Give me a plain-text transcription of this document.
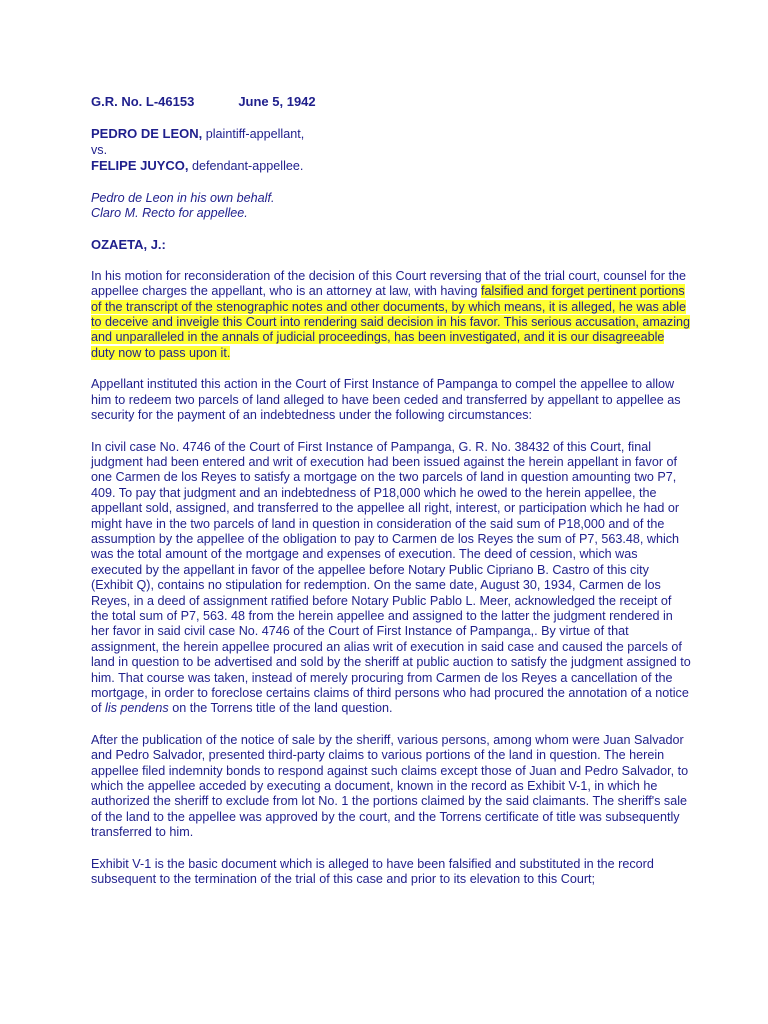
G.R. No. L-46153	June 5, 1942
PEDRO DE LEON, plaintiff-appellant,
vs.
FELIPE JUYCO, defendant-appellee.
Pedro de Leon in his own behalf.
Claro M. Recto for appellee.
OZAETA, J.:

In his motion for reconsideration of the decision of this Court reversing that of the trial court, counsel for the appellee charges the appellant, who is an attorney at law, with having falsified and forget pertinent portions of the transcript of the stenographic notes and other documents, by which means, it is alleged, he was able to deceive and inveigle this Court into rendering said decision in his favor. This serious accusation, amazing and unparalleled in the annals of judicial proceedings, has been investigated, and it is our disagreeable duty now to pass upon it.

Appellant instituted this action in the Court of First Instance of Pampanga to compel the appellee to allow him to redeem two parcels of land alleged to have been ceded and transferred by appellant to appellee as security for the payment of an indebtedness under the following circumstances:

In civil case No. 4746 of the Court of First Instance of Pampanga, G. R. No. 38432 of this Court, final judgment had been entered and writ of execution had been issued against the herein appellant in favor of one Carmen de los Reyes to satisfy a mortgage on the two parcels of land in question amounting two P7, 409. To pay that judgment and an indebtedness of P18,000 which he owed to the herein appellee, the appellant sold, assigned, and transferred to the appellee all right, interest, or participation which he had or might have in the two parcels of land in question in consideration of the said sum of P18,000 and of the assumption by the appellee of the obligation to pay to Carmen de los Reyes the sum of P7, 563.48, which was the total amount of the mortgage and expenses of execution. The deed of cession, which was executed by the appellant in favor of the appellee before Notary Public Cipriano B. Castro of this city (Exhibit Q), contains no stipulation for redemption. On the same date, August 30, 1934, Carmen de los Reyes, in a deed of assignment ratified before Notary Public Pablo L. Meer, acknowledged the receipt of the total sum of P7, 563. 48 from the herein appellee and assigned to the latter the judgment rendered in her favor in said civil case No. 4746 of the Court of First Instance of Pampanga,. By virtue of that assignment, the herein appellee procured an alias writ of execution in said case and caused the parcels of land in question to be advertised and sold by the sheriff at public auction to satisfy the judgment assigned to him. That course was taken, instead of merely procuring from Carmen de los Reyes a cancellation of the mortgage, in order to foreclose certains claims of third persons who had procured the annotation of a notice of lis pendens on the Torrens title of the land question.

After the publication of the notice of sale by the sheriff, various persons, among whom were Juan Salvador and Pedro Salvador, presented third-party claims to various portions of the land in question. The herein appellee filed indemnity bonds to respond against such claims except those of Juan and Pedro Salvador, to which the appellee acceded by executing a document, known in the record as Exhibit V-1, in which he authorized the sheriff to exclude from lot No. 1 the portions claimed by the said claimants. The sheriff's sale of the land to the appellee was approved by the court, and the Torrens certificate of title was subsequently transferred to him.

Exhibit V-1 is the basic document which is alleged to have been falsified and substituted in the record subsequent to the termination of the trial of this case and prior to its elevation to this Court;
